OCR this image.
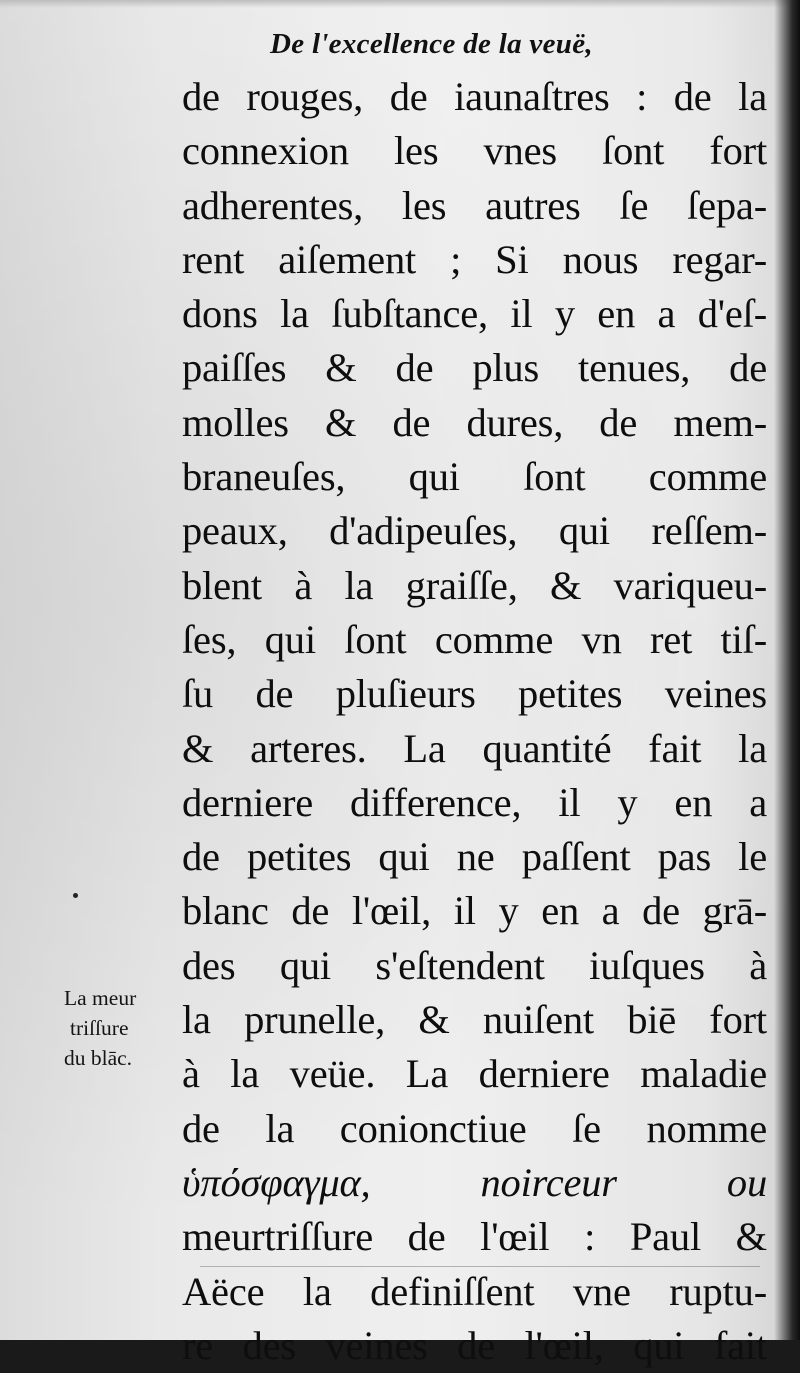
De l'excellence de la veuë,
de rouges, de iaunaſtres : de la
connexion les vnes ſont fort
adherentes, les autres ſe ſepa-
rent aiſement ; Si nous regar-
dons la ſubſtance, il y en a d'eſ-
paiſſes & de plus tenues, de
molles & de dures, de mem-
braneuſes, qui ſont comme
peaux, d'adipeuſes, qui reſſem-
blent à la graiſſe, & variqueu-
ſes, qui ſont comme vn ret tiſ-
ſu de pluſieurs petites veines
& arteres. La quantité fait la
derniere difference, il y en a
de petites qui ne paſſent pas le
blanc de l'œil, il y en a de grā-
des qui s'eſtendent iuſques à
la prunelle, & nuiſent biē fort
à la veüe. La derniere maladie
de la conionctiue ſe nomme
ὑπόσφαγμα, noirceur ou
meurtriſſure de l'œil : Paul &
Aëce la definiſſent vne ruptu-
re des veines de l'œil, qui fait
La meur
triſſure
du blāc.
